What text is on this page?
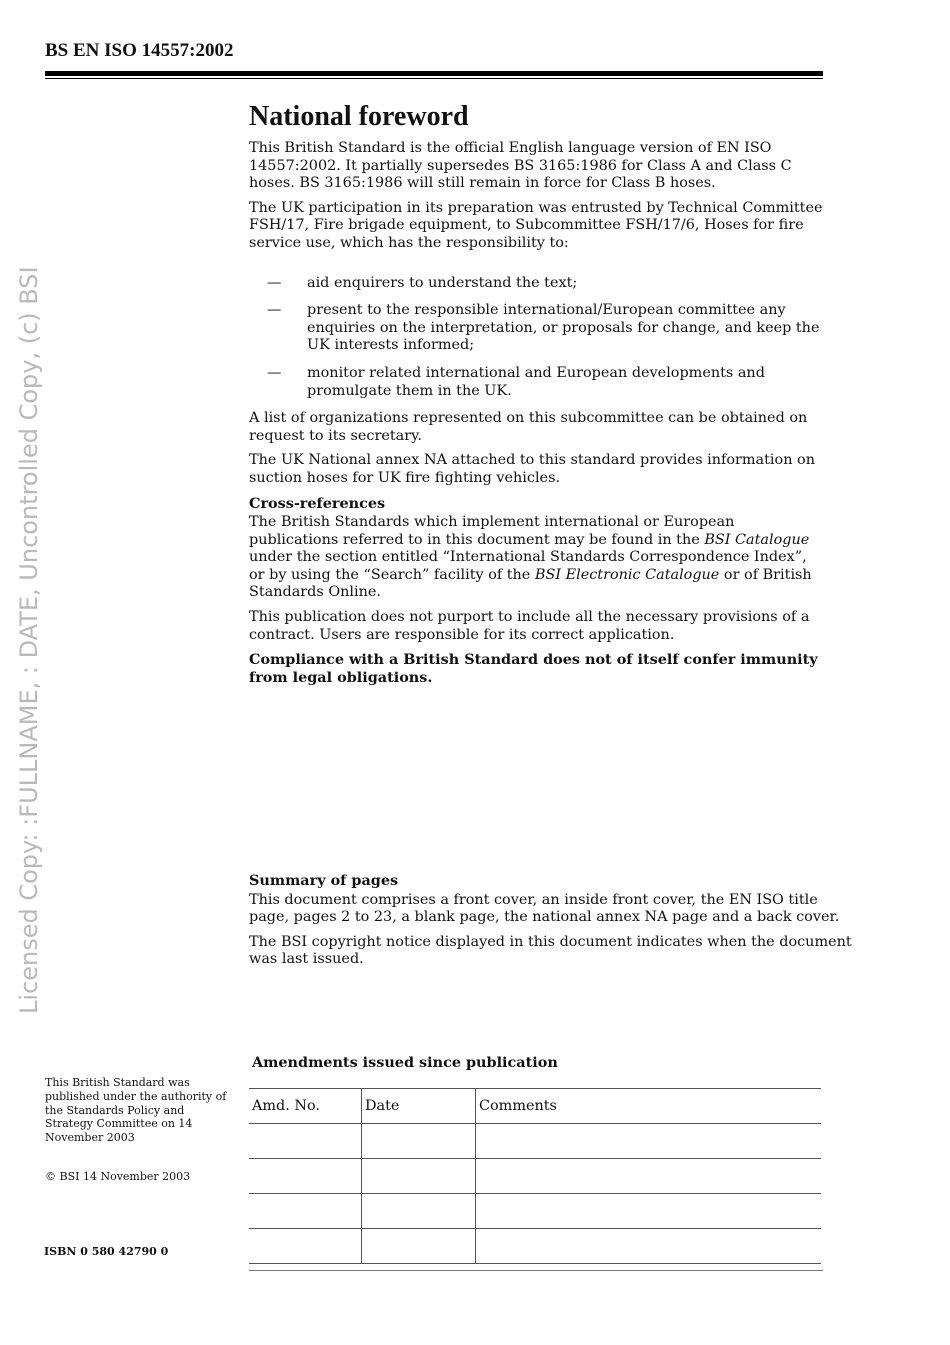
BS EN ISO 14557:2002
Licensed Copy: :FULLNAME, : DATE, Uncontrolled Copy, (c) BSI
National foreword

This British Standard is the official English language version of EN ISO 14557:2002. It partially supersedes BS 3165:1986 for Class A and Class C hoses. BS 3165:1986 will still remain in force for Class B hoses.

The UK participation in its preparation was entrusted by Technical Committee FSH/17, Fire brigade equipment, to Subcommittee FSH/17/6, Hoses for fire service use, which has the responsibility to:

— aid enquirers to understand the text;
— present to the responsible international/European committee any enquiries on the interpretation, or proposals for change, and keep the UK interests informed;
— monitor related international and European developments and promulgate them in the UK.

A list of organizations represented on this subcommittee can be obtained on request to its secretary.

The UK National annex NA attached to this standard provides information on suction hoses for UK fire fighting vehicles.

Cross-references

The British Standards which implement international or European publications referred to in this document may be found in the BSI Catalogue under the section entitled “International Standards Correspondence Index”, or by using the “Search” facility of the BSI Electronic Catalogue or of British Standards Online.

This publication does not purport to include all the necessary provisions of a contract. Users are responsible for its correct application.

Compliance with a British Standard does not of itself confer immunity from legal obligations.

Summary of pages

This document comprises a front cover, an inside front cover, the EN ISO title page, pages 2 to 23, a blank page, the national annex NA page and a back cover.

The BSI copyright notice displayed in this document indicates when the document was last issued.

This British Standard was published under the authority of the Standards Policy and Strategy Committee on 14 November 2003

© BSI 14 November 2003
ISBN 0 580 42790 0
Amendments issued since publication
Amd. No.	Date	Comments
